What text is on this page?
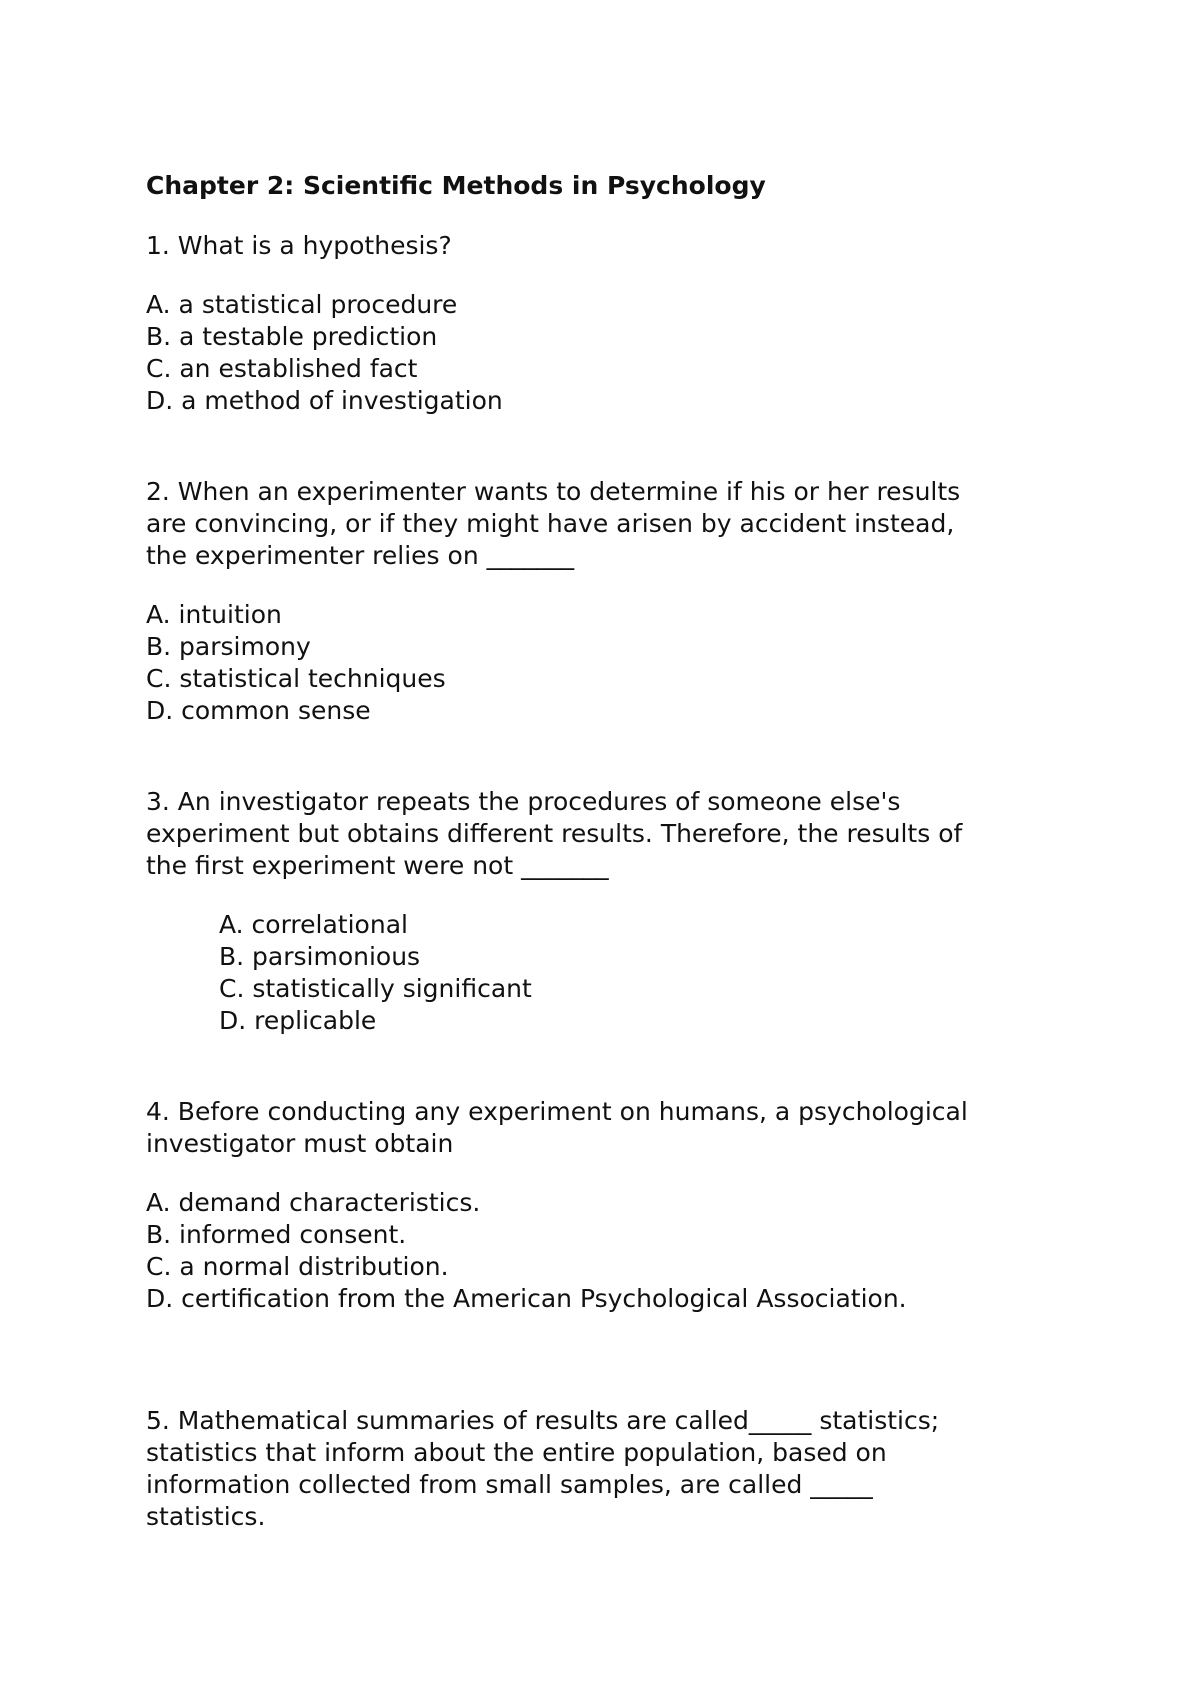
Chapter 2: Scientific Methods in Psychology

1. What is a hypothesis?

A. a statistical procedure
B. a testable prediction
C. an established fact
D. a method of investigation

2. When an experimenter wants to determine if his or her results
are convincing, or if they might have arisen by accident instead,
the experimenter relies on _______

A. intuition
B. parsimony
C. statistical techniques
D. common sense

3. An investigator repeats the procedures of someone else's
experiment but obtains different results. Therefore, the results of
the first experiment were not _______

A. correlational
B. parsimonious
C. statistically significant
D. replicable

4. Before conducting any experiment on humans, a psychological
investigator must obtain

A. demand characteristics.
B. informed consent.
C. a normal distribution.
D. certification from the American Psychological Association.

5. Mathematical summaries of results are called_____ statistics;
statistics that inform about the entire population, based on
information collected from small samples, are called _____
statistics.
